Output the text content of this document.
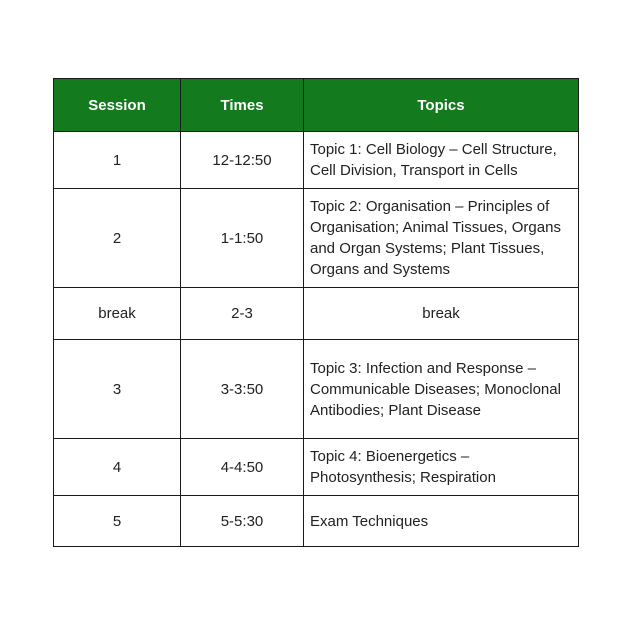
Session	Times	Topics
1	12-12:50	Topic 1: Cell Biology – Cell Structure, Cell Division, Transport in Cells
2	1-1:50	Topic 2: Organisation – Principles of Organisation; Animal Tissues, Organs and Organ Systems; Plant Tissues, Organs and Systems
break	2-3	break
3	3-3:50	Topic 3: Infection and Response – Communicable Diseases; Monoclonal Antibodies; Plant Disease
4	4-4:50	Topic 4: Bioenergetics – Photosynthesis; Respiration
5	5-5:30	Exam Techniques
